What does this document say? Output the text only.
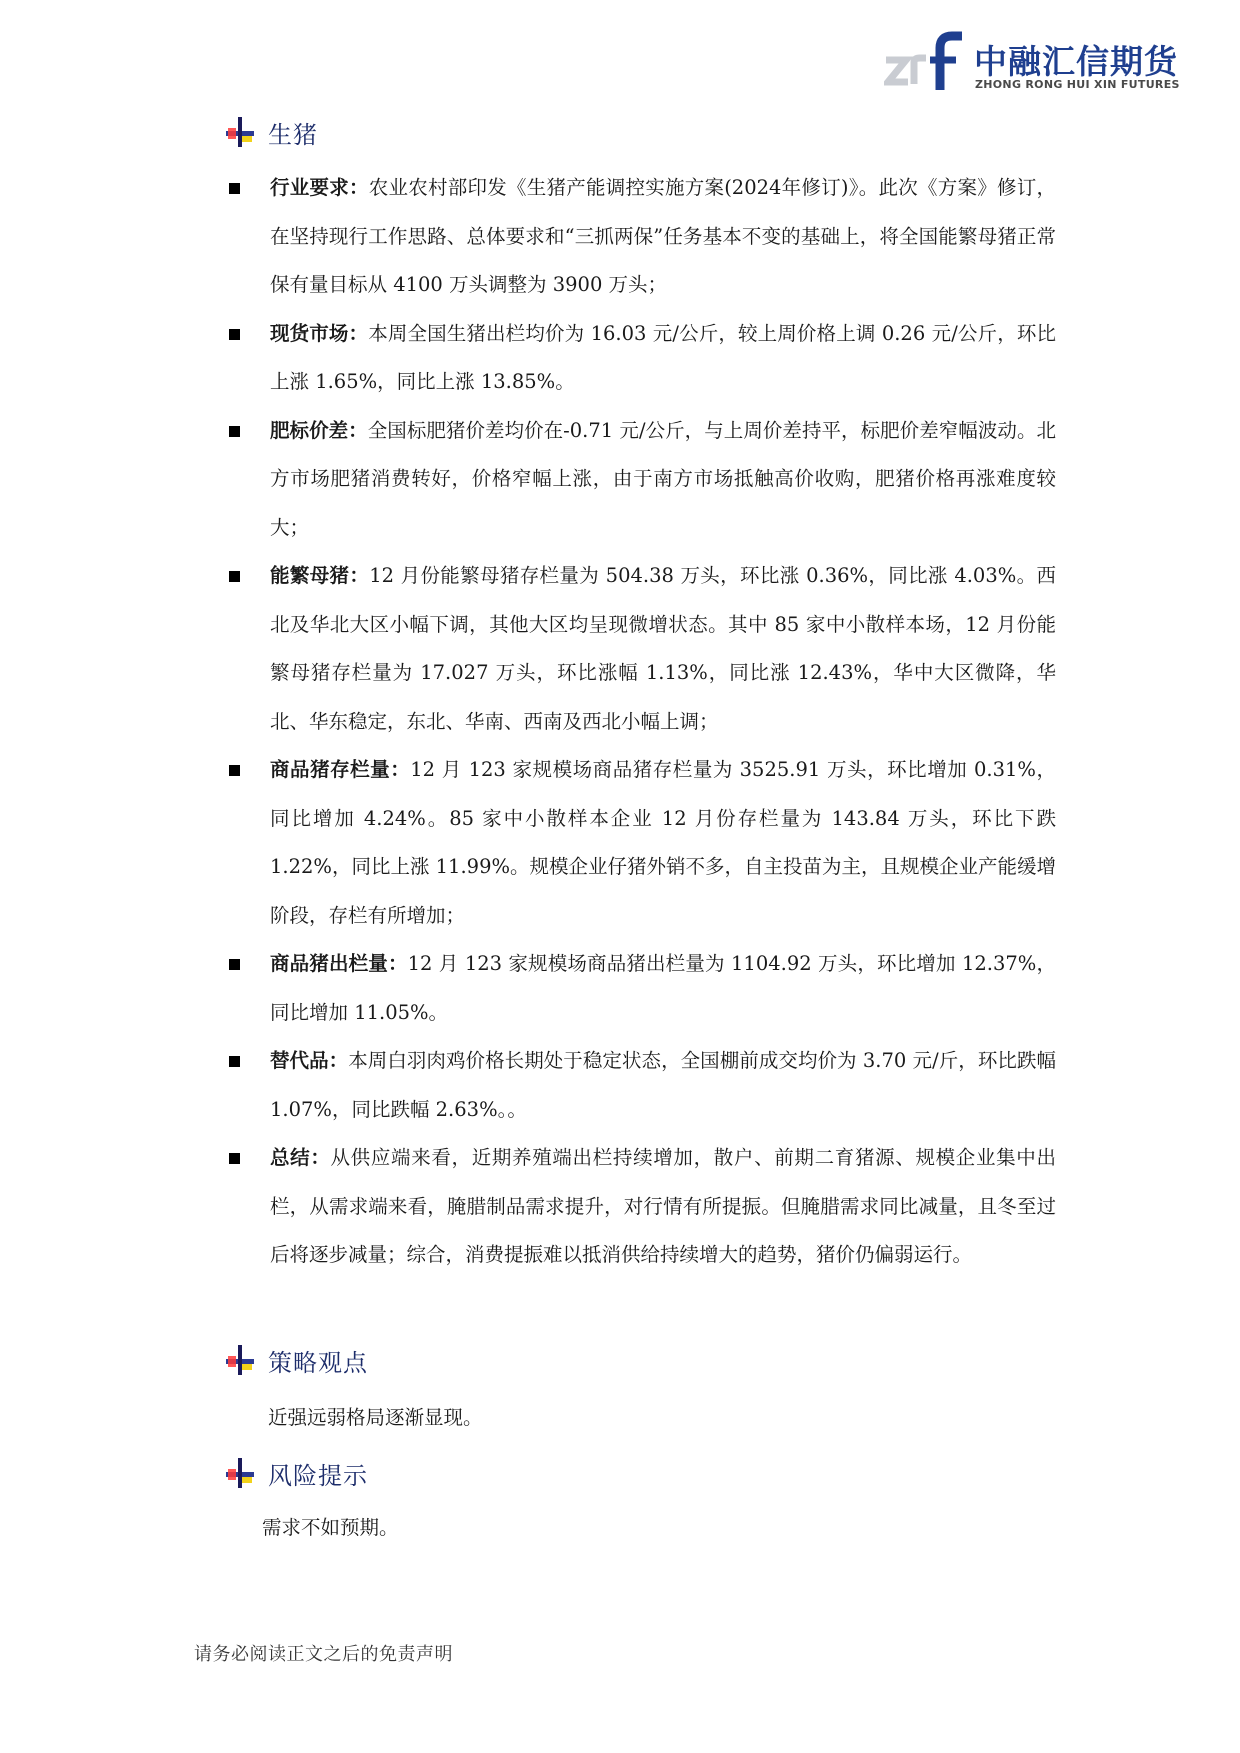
中融汇信期货
ZHONG RONG HUI XIN FUTURES
生猪
行业要求：农业农村部印发《生猪产能调控实施方案(2024年修订)》。此次《方案》修订，在坚持现行工作思路、总体要求和“三抓两保”任务基本不变的基础上，将全国能繁母猪正常保有量目标从 4100 万头调整为 3900 万头；
现货市场：本周全国生猪出栏均价为 16.03 元/公斤，较上周价格上调 0.26 元/公斤，环比上涨 1.65%，同比上涨 13.85%。
肥标价差：全国标肥猪价差均价在-0.71 元/公斤，与上周价差持平，标肥价差窄幅波动。北方市场肥猪消费转好，价格窄幅上涨，由于南方市场抵触高价收购，肥猪价格再涨难度较大；
能繁母猪：12 月份能繁母猪存栏量为 504.38 万头，环比涨 0.36%，同比涨 4.03%。西北及华北大区小幅下调，其他大区均呈现微增状态。其中 85 家中小散样本场，12 月份能繁母猪存栏量为 17.027 万头，环比涨幅 1.13%，同比涨 12.43%，华中大区微降，华北、华东稳定，东北、华南、西南及西北小幅上调；
商品猪存栏量：12 月 123 家规模场商品猪存栏量为 3525.91 万头，环比增加 0.31%，同比增加 4.24%。85 家中小散样本企业 12 月份存栏量为 143.84 万头，环比下跌 1.22%，同比上涨 11.99%。规模企业仔猪外销不多，自主投苗为主，且规模企业产能缓增阶段，存栏有所增加；
商品猪出栏量：12 月 123 家规模场商品猪出栏量为 1104.92 万头，环比增加 12.37%，同比增加 11.05%。
替代品：本周白羽肉鸡价格长期处于稳定状态，全国棚前成交均价为 3.70 元/斤，环比跌幅 1.07%，同比跌幅 2.63%。。
总结：从供应端来看，近期养殖端出栏持续增加，散户、前期二育猪源、规模企业集中出栏，从需求端来看，腌腊制品需求提升，对行情有所提振。但腌腊需求同比减量，且冬至过后将逐步减量；综合，消费提振难以抵消供给持续增大的趋势，猪价仍偏弱运行。
策略观点
近强远弱格局逐渐显现。
风险提示
需求不如预期。
请务必阅读正文之后的免责声明
